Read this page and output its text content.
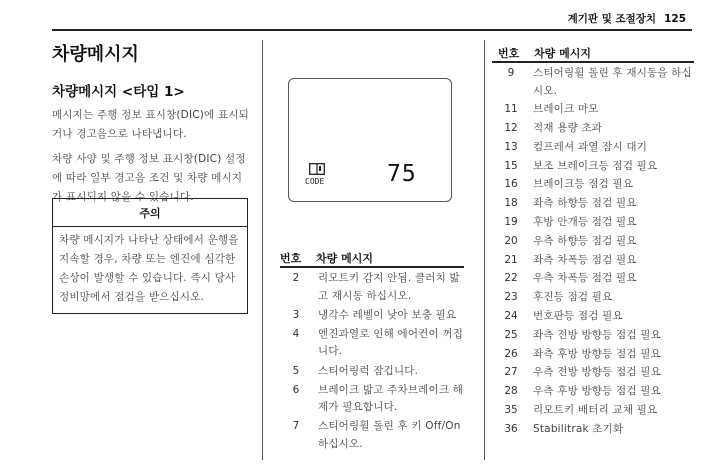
계기판 및 조절장치 125
차량메시지
차량메시지 <타입 1>
메시지는 주행 정보 표시창(DIC)에 표시되거나 경고음으로 나타냅니다.
차량 사양 및 주행 정보 표시창(DIC) 설정에 따라 일부 경고음 조건 및 차량 메시지가 표시되지 않을 수 있습니다.
주의
차량 메시지가 나타난 상태에서 운행을 지속할 경우, 차량 또는 엔진에 심각한 손상이 발생할 수 있습니다. 즉시 당사 정비망에서 점검을 받으십시오.
CODE	75
번호 차량 메시지
2	리모트키 감지 안됨. 클러치 밟고 재시동 하십시오.
3	냉각수 레벨이 낮아 보충 필요
4	엔진과열로 인해 에어컨이 꺼집니다.
5	스티어링럭 잠깁니다.
6	브레이크 밟고 주차브레이크 해제가 필요합니다.
7	스티어링휠 돌린 후 키 Off/On 하십시오.
번호 차량 메시지
9	스티어링휠 돌린 후 재시동을 하십시오.
11	브레이크 마모
12	적재 용량 초과
13	컴프레셔 과열 잠시 대기
15	보조 브레이크등 점검 필요
16	브레이크등 점검 필요
18	좌측 하향등 점검 필요
19	후방 안개등 점검 필요
20	우측 하향등 점검 필요
21	좌측 차폭등 점검 필요
22	우측 차폭등 점검 필요
23	후진등 점검 필요
24	번호판등 점검 필요
25	좌측 전방 방향등 점검 필요
26	좌측 후방 방향등 점검 필요
27	우측 전방 방향등 점검 필요
28	우측 후방 방향등 점검 필요
35	리모트키 배터리 교체 필요
36	Stabilitrak 초기화
